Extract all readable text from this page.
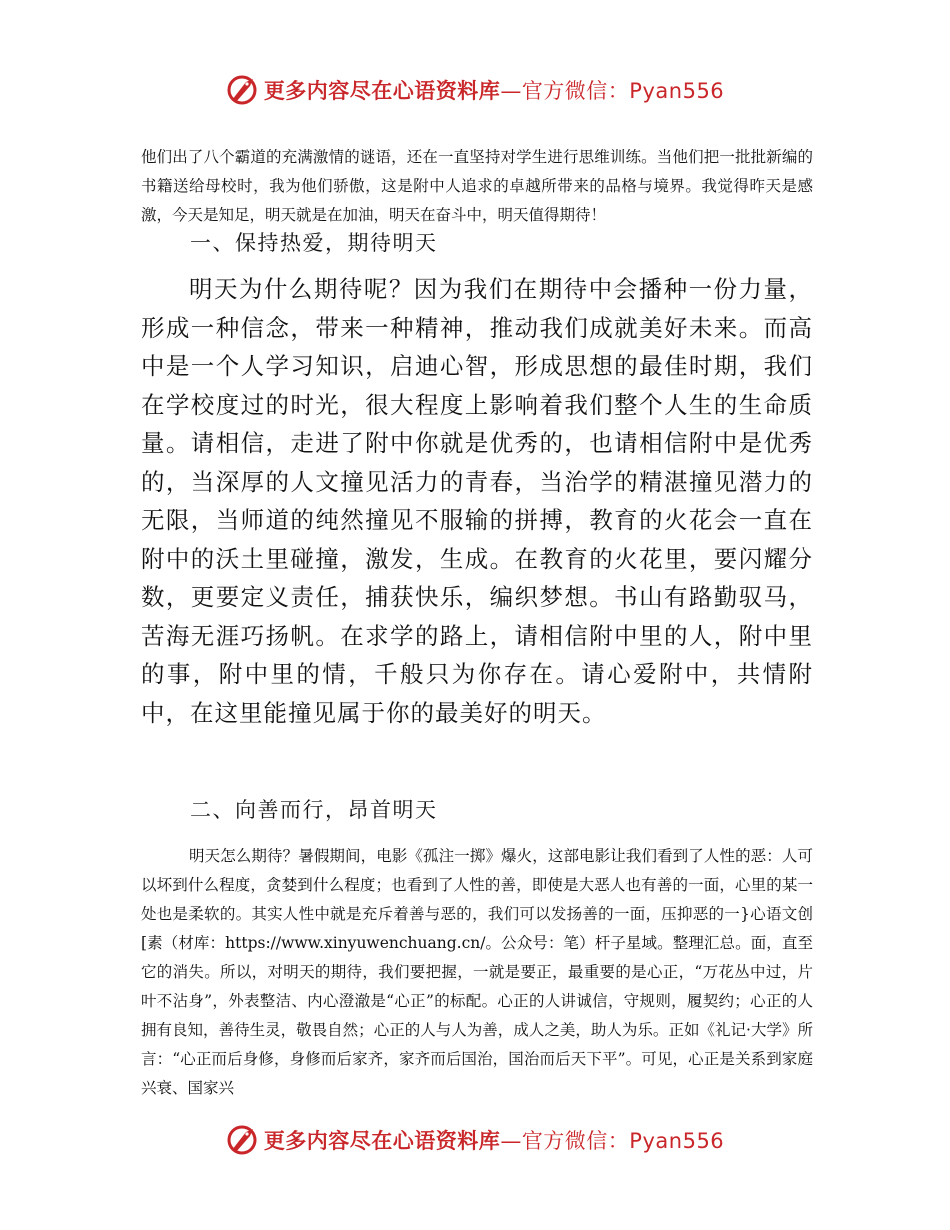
更多内容尽在心语资料库—官方微信：Pyan556

他们出了八个霸道的充满激情的谜语，还在一直坚持对学生进行思维训练。当他们把一批批新编的书籍送给母校时，我为他们骄傲，这是附中人追求的卓越所带来的品格与境界。我觉得昨天是感激，今天是知足，明天就是在加油，明天在奋斗中，明天值得期待！

一、保持热爱，期待明天

明天为什么期待呢？因为我们在期待中会播种一份力量，形成一种信念，带来一种精神，推动我们成就美好未来。而高中是一个人学习知识，启迪心智，形成思想的最佳时期，我们在学校度过的时光，很大程度上影响着我们整个人生的生命质量。请相信，走进了附中你就是优秀的，也请相信附中是优秀的，当深厚的人文撞见活力的青春，当治学的精湛撞见潜力的无限，当师道的纯然撞见不服输的拼搏，教育的火花会一直在附中的沃土里碰撞，激发，生成。在教育的火花里，要闪耀分数，更要定义责任，捕获快乐，编织梦想。书山有路勤驭马，苦海无涯巧扬帆。在求学的路上，请相信附中里的人，附中里的事，附中里的情，千般只为你存在。请心爱附中，共情附中，在这里能撞见属于你的最美好的明天。

二、向善而行，昂首明天

明天怎么期待？暑假期间，电影《孤注一掷》爆火，这部电影让我们看到了人性的恶：人可以坏到什么程度，贪婪到什么程度；也看到了人性的善，即使是大恶人也有善的一面，心里的某一处也是柔软的。其实人性中就是充斥着善与恶的，我们可以发扬善的一面，压抑恶的一}心语文创[素（材库：https://www.xinyuwenchuang.cn/。公众号：笔）杆子星域。整理汇总。面，直至它的消失。所以，对明天的期待，我们要把握，一就是要正，最重要的是心正，“万花丛中过，片叶不沾身”，外表整洁、内心澄澈是“心正”的标配。心正的人讲诚信，守规则，履契约；心正的人拥有良知，善待生灵，敬畏自然；心正的人与人为善，成人之美，助人为乐。正如《礼记·大学》所言：“心正而后身修，身修而后家齐，家齐而后国治，国治而后天下平”。可见，心正是关系到家庭兴衰、国家兴

更多内容尽在心语资料库—官方微信：Pyan556
